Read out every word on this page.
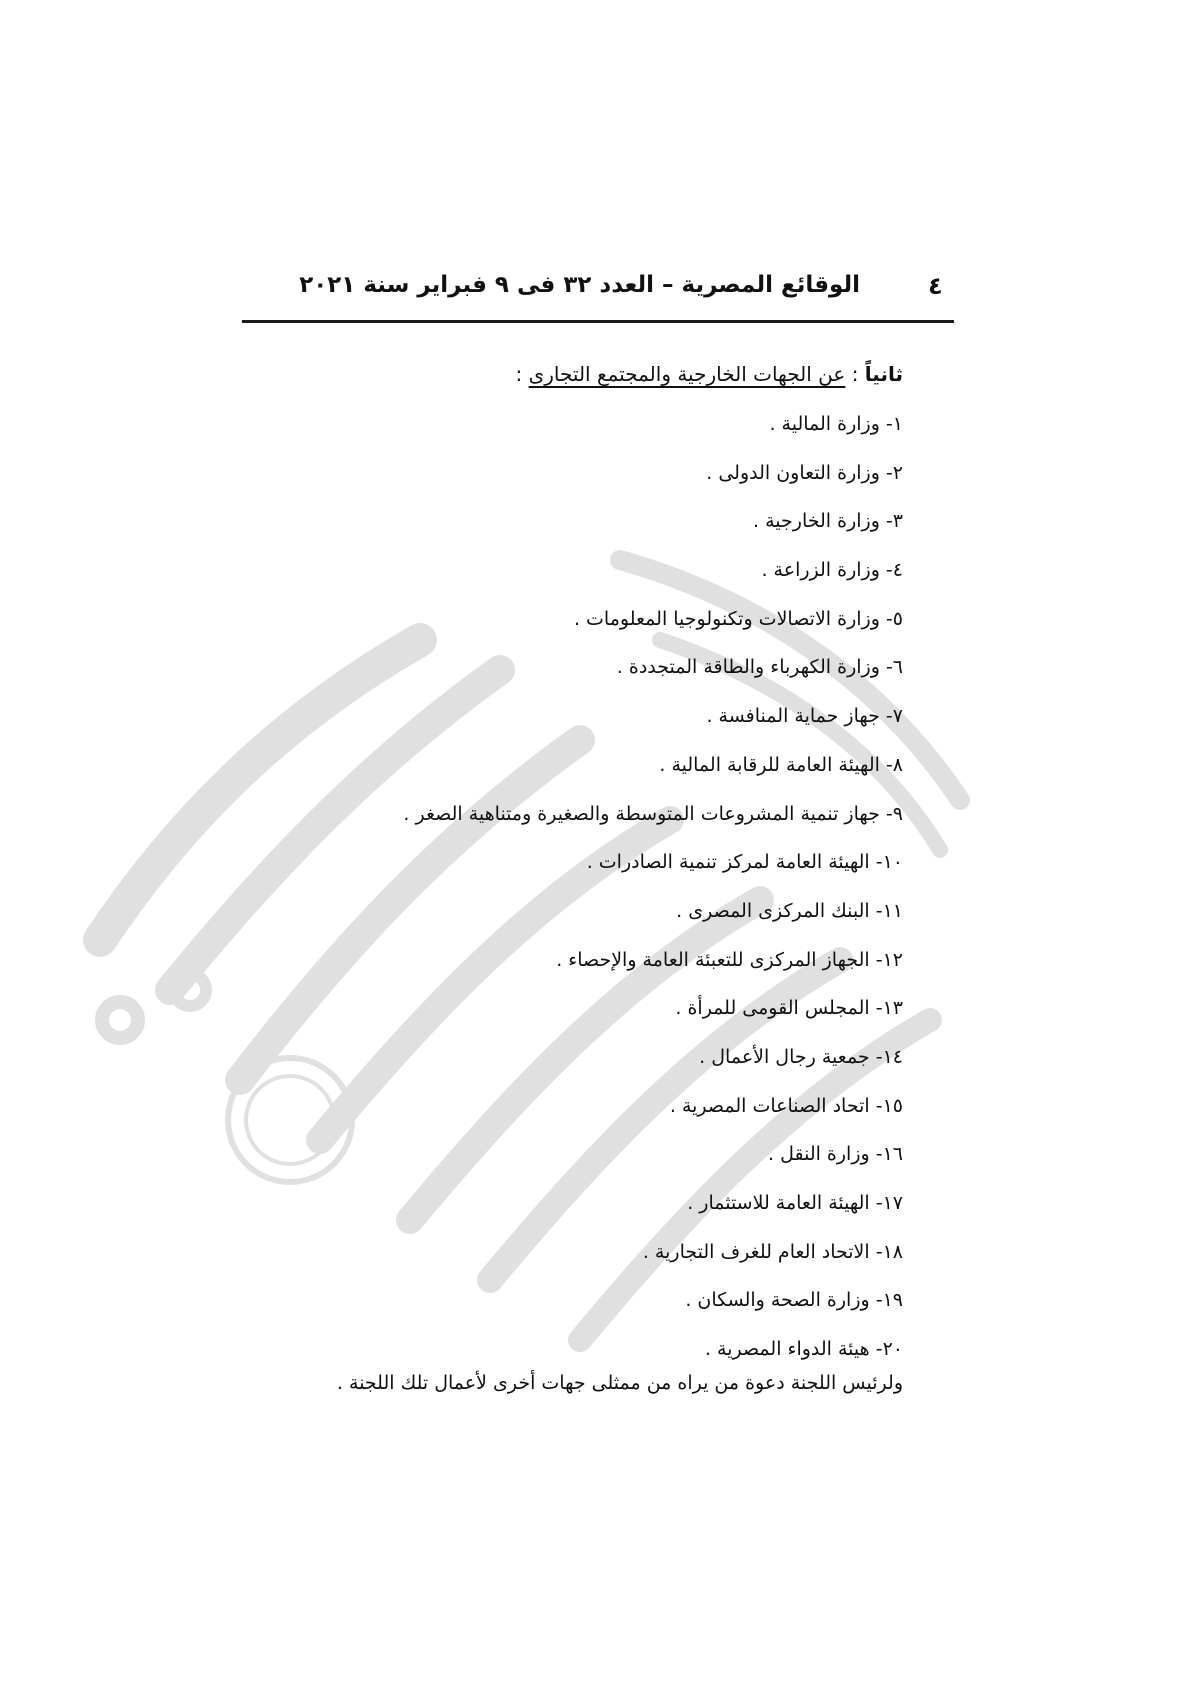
٤
الوقائع المصرية – العدد ٣٢ فى ٩ فبراير سنة ٢٠٢١
ثانياً : عن الجهات الخارجية والمجتمع التجارى :
١- وزارة المالية .
٢- وزارة التعاون الدولى .
٣- وزارة الخارجية .
٤- وزارة الزراعة .
٥- وزارة الاتصالات وتكنولوجيا المعلومات .
٦- وزارة الكهرباء والطاقة المتجددة .
٧- جهاز حماية المنافسة .
٨- الهيئة العامة للرقابة المالية .
٩- جهاز تنمية المشروعات المتوسطة والصغيرة ومتناهية الصغر .
١٠- الهيئة العامة لمركز تنمية الصادرات .
١١- البنك المركزى المصرى .
١٢- الجهاز المركزى للتعبئة العامة والإحصاء .
١٣- المجلس القومى للمرأة .
١٤- جمعية رجال الأعمال .
١٥- اتحاد الصناعات المصرية .
١٦- وزارة النقل .
١٧- الهيئة العامة للاستثمار .
١٨- الاتحاد العام للغرف التجارية .
١٩- وزارة الصحة والسكان .
٢٠- هيئة الدواء المصرية .
ولرئيس اللجنة دعوة من يراه من ممثلى جهات أخرى لأعمال تلك اللجنة .
